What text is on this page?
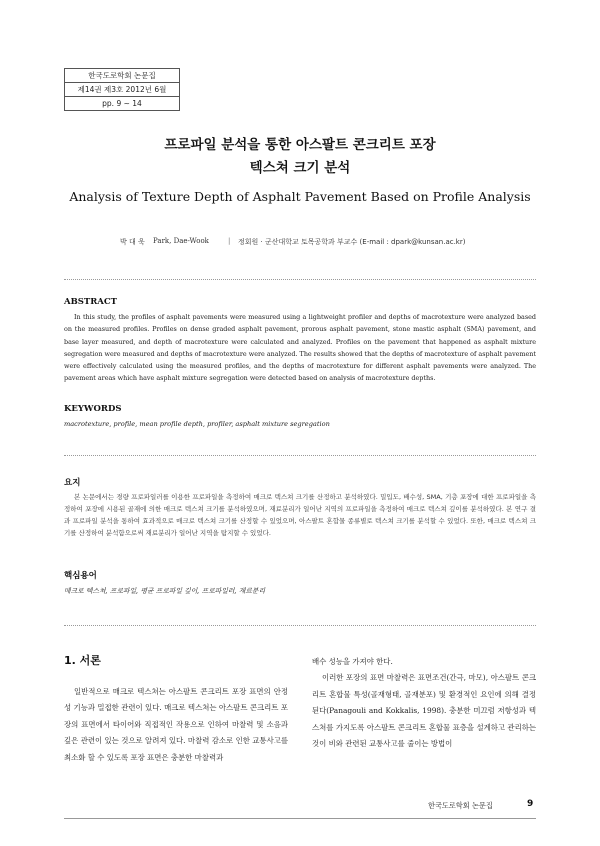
한국도로학회 논문집
제14권 제3호 2012년 6월
pp. 9 ~ 14
프로파일 분석을 통한 아스팔트 콘크리트 포장
텍스쳐 크기 분석
Analysis of Texture Depth of Asphalt Pavement Based on Profile Analysis
박 대 욱 Park, Dae-Wook	| 정회원 · 군산대학교 토목공학과 부교수 (E-mail : dpark@kunsan.ac.kr)
ABSTRACT
In this study, the profiles of asphalt pavements were measured using a lightweight profiler and depths of macrotexture were analyzed based on the measured profiles. Profiles on dense graded asphalt pavement, prorous asphalt pavement, stone mastic asphalt (SMA) pavement, and base layer measured, and depth of macrotexture were calculated and analyzed. Profiles on the pavement that happened as asphalt mixture segregation were measured and depths of macrotexture were analyzed. The results showed that the depths of macrotexture of asphalt pavement were effectively calculated using the measured profiles, and the depths of macrotexture for different asphalt pavements were analyzed. The pavement areas which have asphalt mixture segregation were detected based on analysis of macrotexture depths.
KEYWORDS
macrotexture, profile, mean profile depth, profiler, asphalt mixture segregation
요지
본 논문에서는 경량 프로파일러를 이용한 프로파일을 측정하여 매크로 텍스쳐 크기를 산정하고 분석하였다. 밀입도, 배수성, SMA, 기층 포장에 대한 프로파일을 측정하여 포장에 시용된 골재에 의한 매크로 텍스쳐 크기를 분석하였으며, 재료분리가 일어난 지역의 프로파일을 측정하여 매크로 텍스쳐 깊이를 분석하였다. 본 연구 결과 프로파일 분석을 통하여 효과적으로 매크로 텍스쳐 크기를 산정할 수 있었으며, 아스팔트 혼합물 종류별로 텍스쳐 크기를 분석할 수 있었다. 또한, 매크로 텍스쳐 크기를 산정하여 분석함으로써 재료분리가 일어난 지역을 탐지할 수 있었다.
핵심용어
매크로 텍스쳐, 프로파일, 평균 프로파일 깊이, 프로파일러, 재료분리
1. 서론

일반적으로 매크로 텍스쳐는 아스팔트 콘크리트 포장 표면의 안정성 기능과 밀접한 관련이 있다. 매크로 텍스쳐는 아스팔트 콘크리트 포장의 표면에서 타이어와 직접적인 작용으로 인하여 마찰력 및 소음과 깊은 관련이 있는 것으로 알려져 있다. 마찰력 감소로 인한 교통사고를 최소화 할 수 있도록 포장 표면은 충분한 마찰력과

배수 성능을 가져야 한다.

이러한 포장의 표면 마찰력은 표면조건(간극, 마모), 아스팔트 콘크리트 혼합물 특성(골재형태, 골재분포) 및 환경적인 요인에 의해 결정된다(Panagouli and Kokkalis, 1998). 충분한 미끄럼 저항성과 텍스쳐를 가지도록 아스팔트 콘크리트 혼합물 표층을 설계하고 관리하는 것이 비와 관련된 교통사고를 줄이는 방법이

한국도로학회 논문집	9
